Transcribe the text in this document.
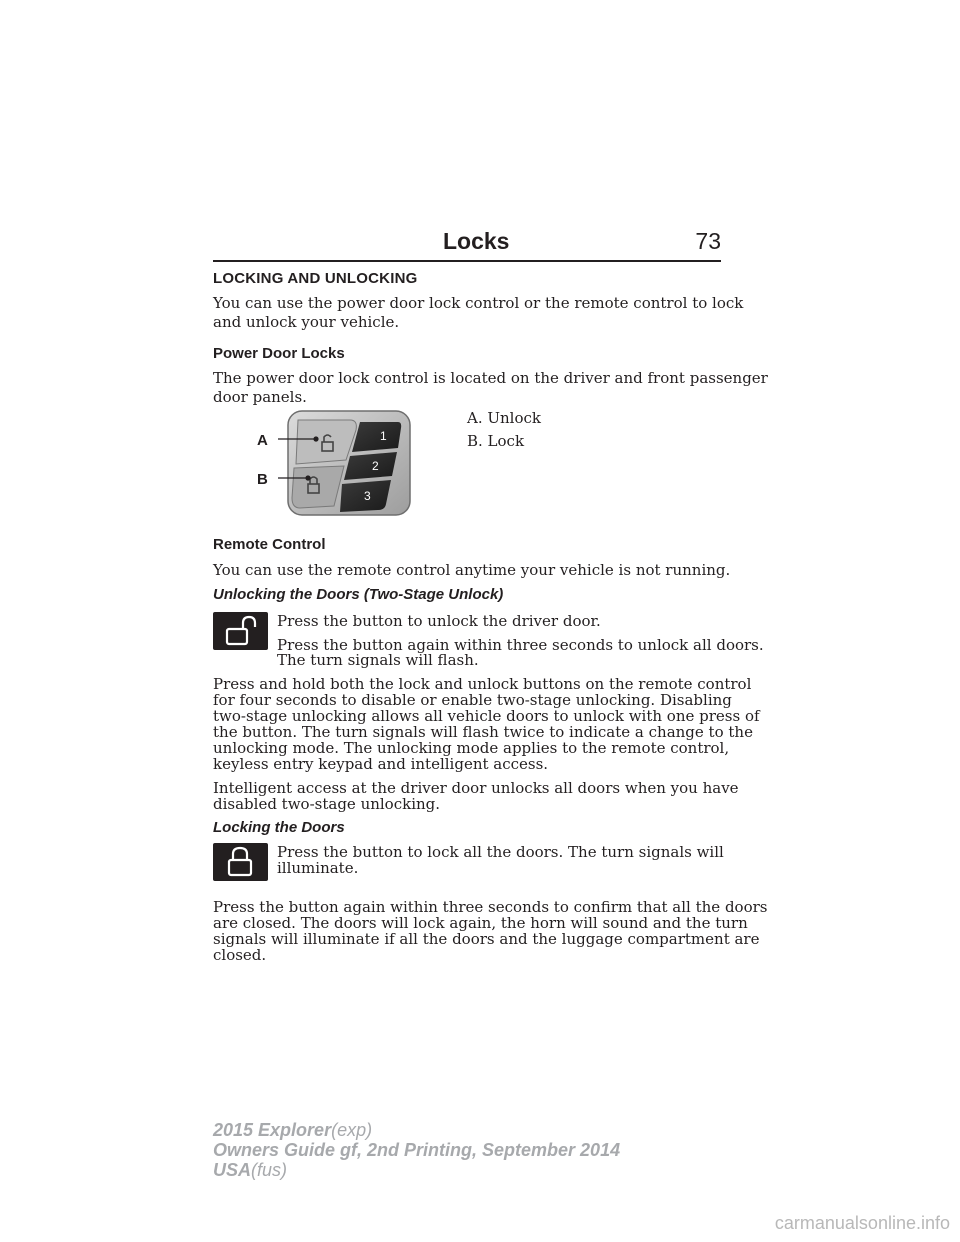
Locks	73
LOCKING AND UNLOCKING
You can use the power door lock control or the remote control to lock
and unlock your vehicle.
Power Door Locks
The power door lock control is located on the driver and front passenger
door panels.
1
2
3
A
B
A. Unlock
B. Lock
Remote Control
You can use the remote control anytime your vehicle is not running.
Unlocking the Doors (Two-Stage Unlock)
Press the button to unlock the driver door.
Press the button again within three seconds to unlock all doors.
The turn signals will flash.
Press and hold both the lock and unlock buttons on the remote control
for four seconds to disable or enable two-stage unlocking. Disabling
two-stage unlocking allows all vehicle doors to unlock with one press of
the button. The turn signals will flash twice to indicate a change to the
unlocking mode. The unlocking mode applies to the remote control,
keyless entry keypad and intelligent access.
Intelligent access at the driver door unlocks all doors when you have
disabled two-stage unlocking.
Locking the Doors
Press the button to lock all the doors. The turn signals will
illuminate.
Press the button again within three seconds to confirm that all the doors
are closed. The doors will lock again, the horn will sound and the turn
signals will illuminate if all the doors and the luggage compartment are
closed.
2015 Explorer(exp)
Owners Guide gf, 2nd Printing, September 2014
USA(fus)
carmanualsonline.info
